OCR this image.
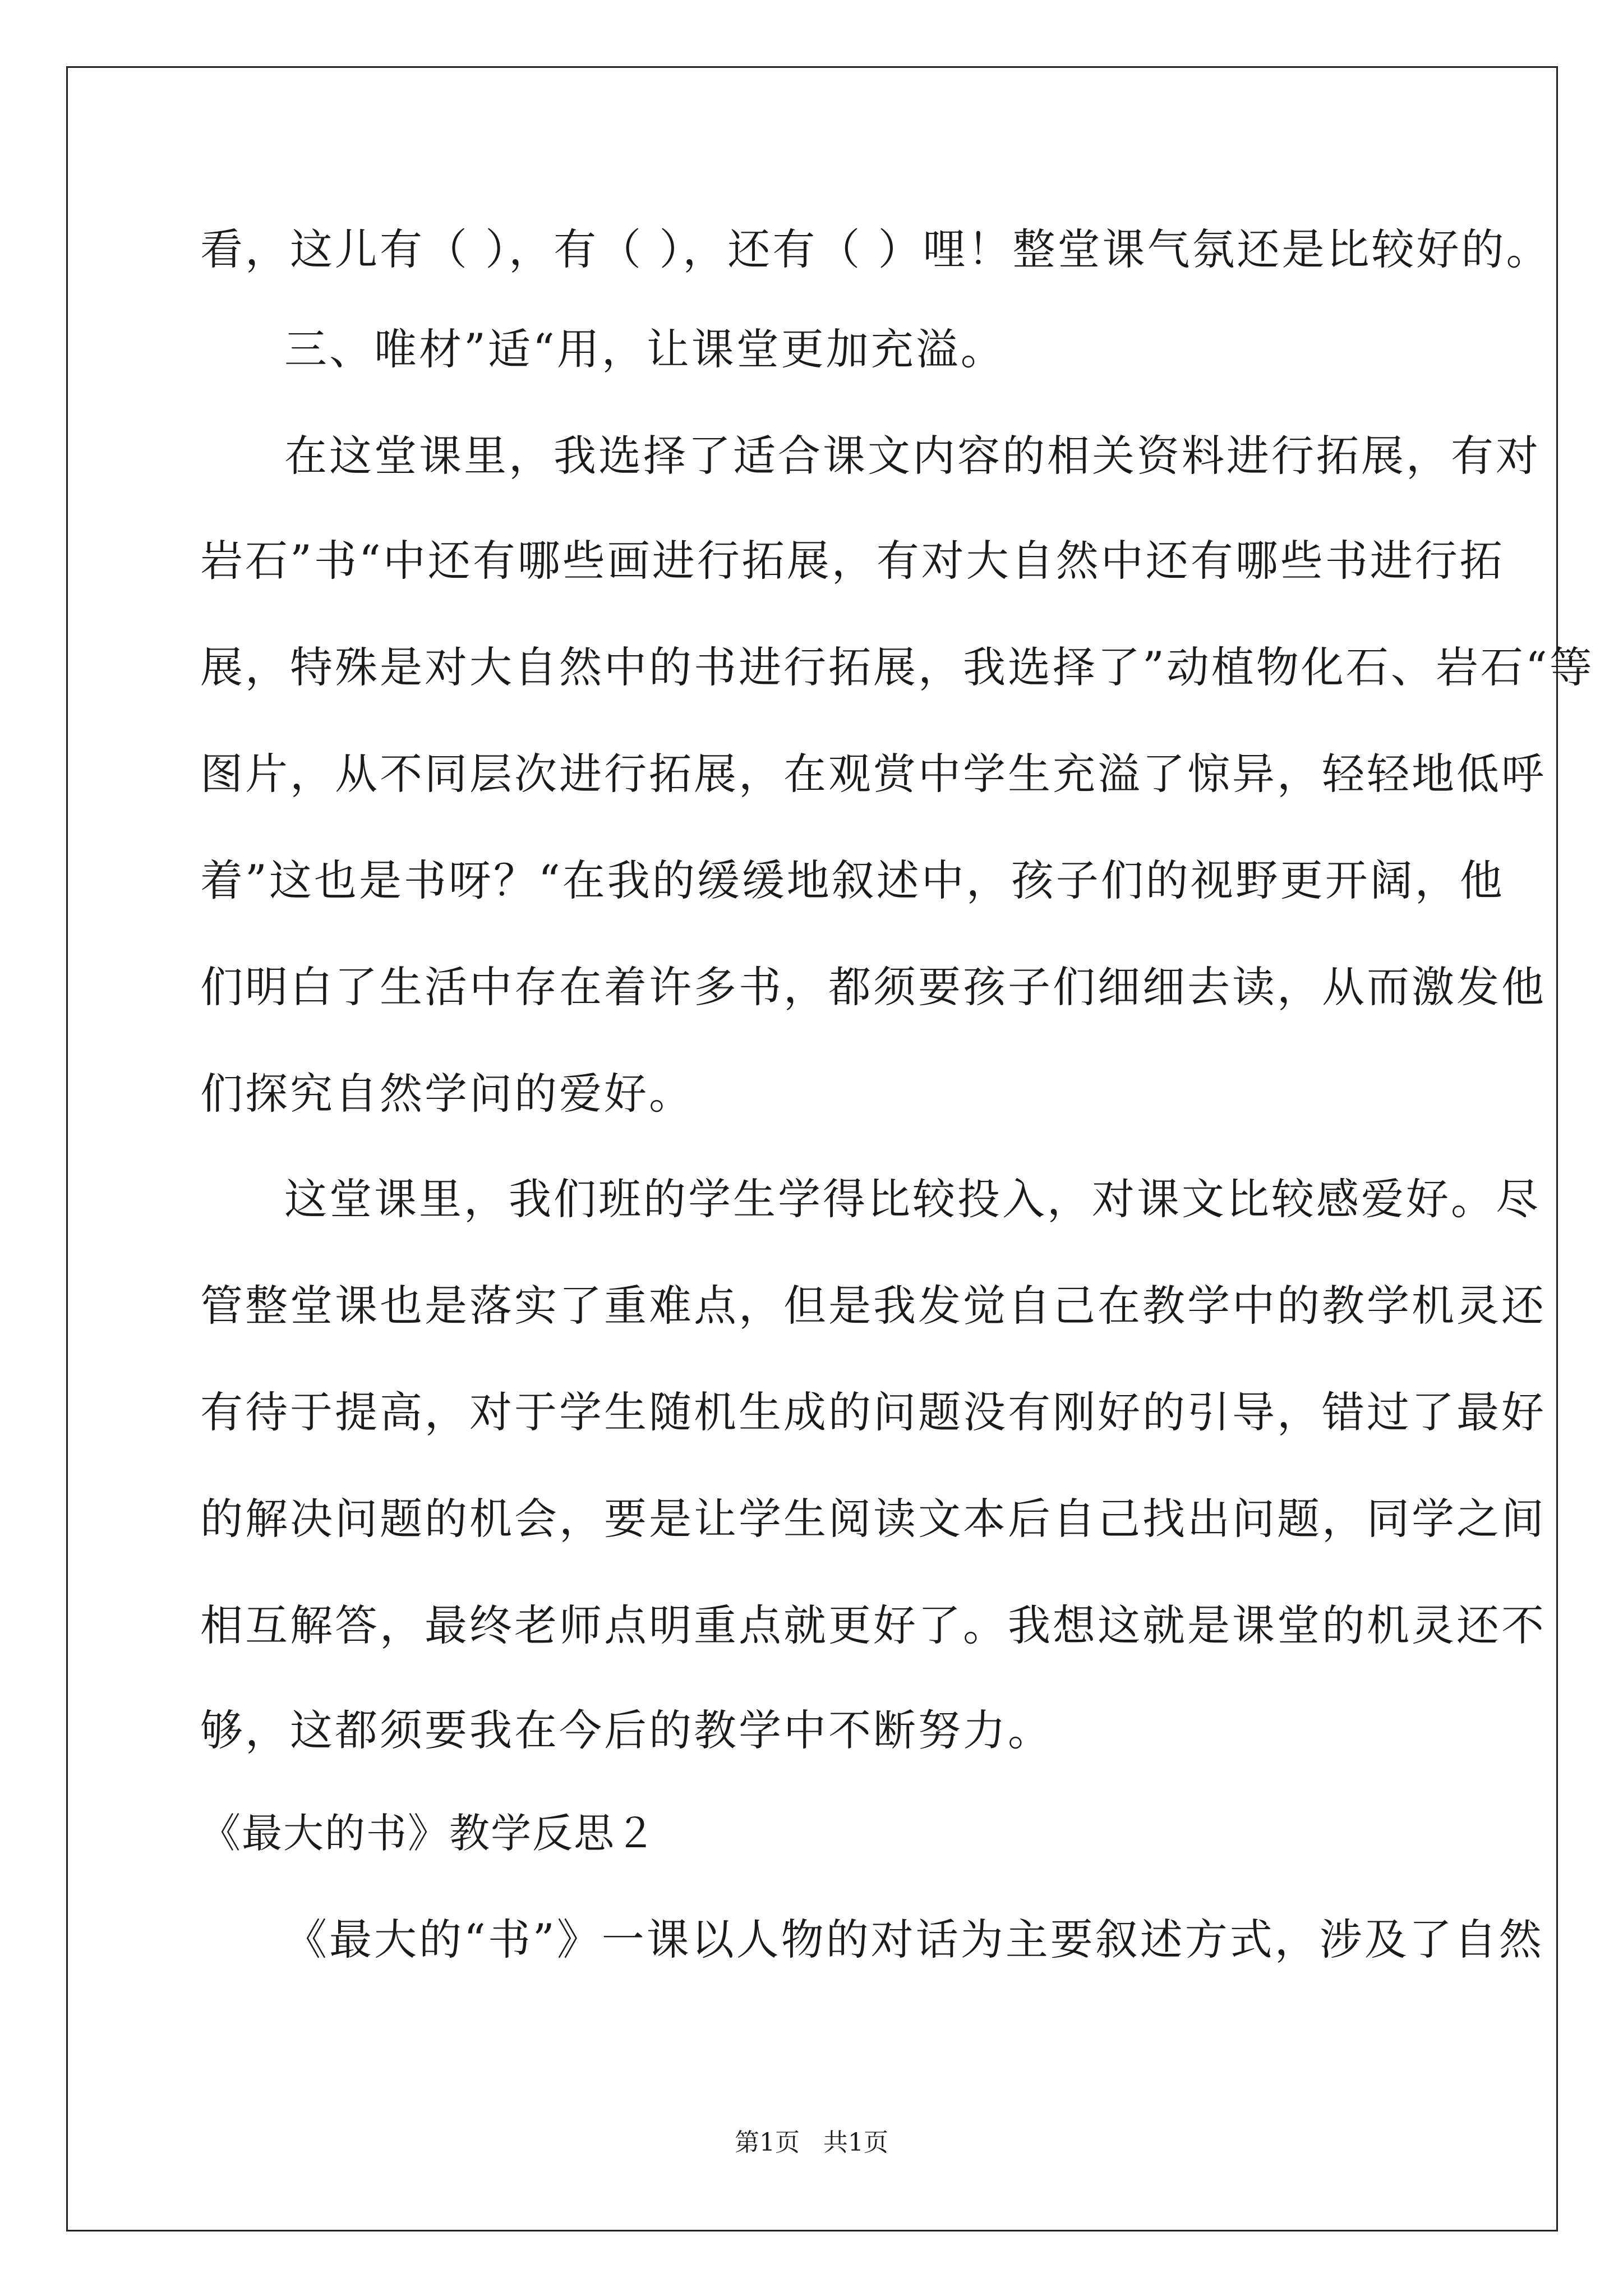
看，这儿有（ ），有（ ），还有（ ）哩！整堂课气氛还是比较好的。
三、唯材”适“用，让课堂更加充溢。
在这堂课里，我选择了适合课文内容的相关资料进行拓展，有对
岩石”书“中还有哪些画进行拓展，有对大自然中还有哪些书进行拓
展，特殊是对大自然中的书进行拓展，我选择了”动植物化石、岩石“等
图片，从不同层次进行拓展，在观赏中学生充溢了惊异，轻轻地低呼
着”这也是书呀？“在我的缓缓地叙述中，孩子们的视野更开阔，他
们明白了生活中存在着许多书，都须要孩子们细细去读，从而激发他
们探究自然学问的爱好。
这堂课里，我们班的学生学得比较投入，对课文比较感爱好。尽
管整堂课也是落实了重难点，但是我发觉自己在教学中的教学机灵还
有待于提高，对于学生随机生成的问题没有刚好的引导，错过了最好
的解决问题的机会，要是让学生阅读文本后自己找出问题，同学之间
相互解答，最终老师点明重点就更好了。我想这就是课堂的机灵还不
够，这都须要我在今后的教学中不断努力。
《最大的书》教学反思２
《最大的“书”》一课以人物的对话为主要叙述方式，涉及了自然
第1页   共1页
